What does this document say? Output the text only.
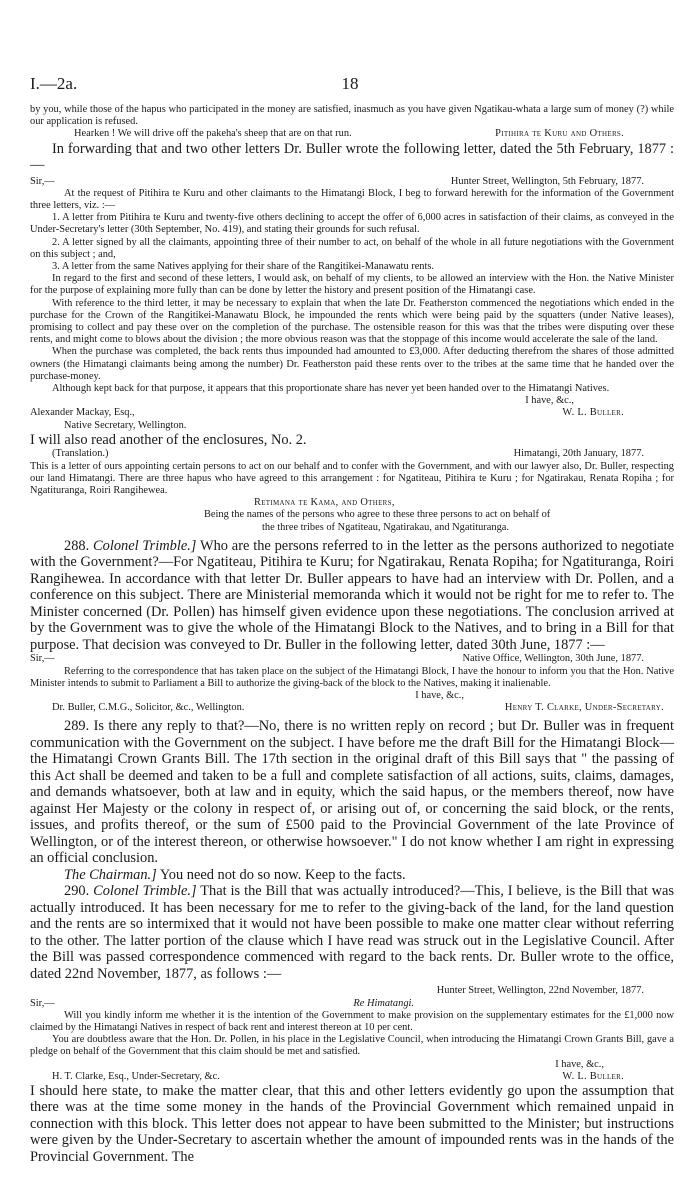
I.—2a.	18

by you, while those of the hapus who participated in the money are satisfied, inasmuch as you have given Ngatikau-whata a large sum of money (?) while our application is refused.

Hearken ! We will drive off the pakeha's sheep that are on that run.	Pitihira te Kuru and Others.

In forwarding that and two other letters Dr. Buller wrote the following letter, dated the 5th February, 1877 :—

Sir,—	Hunter Street, Wellington, 5th February, 1877.

At the request of Pitihira te Kuru and other claimants to the Himatangi Block, I beg to forward herewith for the information of the Government three letters, viz. :—

1. A letter from Pitihira te Kuru and twenty-five others declining to accept the offer of 6,000 acres in satisfaction of their claims, as conveyed in the Under-Secretary's letter (30th September, No. 419), and stating their grounds for such refusal.

2. A letter signed by all the claimants, appointing three of their number to act, on behalf of the whole in all future negotiations with the Government on this subject ; and,

3. A letter from the same Natives applying for their share of the Rangitikei-Manawatu rents.

In regard to the first and second of these letters, I would ask, on behalf of my clients, to be allowed an interview with the Hon. the Native Minister for the purpose of explaining more fully than can be done by letter the history and present position of the Himatangi case.

With reference to the third letter, it may be necessary to explain that when the late Dr. Featherston commenced the negotiations which ended in the purchase for the Crown of the Rangitikei-Manawatu Block, he impounded the rents which were being paid by the squatters (under Native leases), promising to collect and pay these over on the completion of the purchase. The ostensible reason for this was that the tribes were disputing over these rents, and might come to blows about the division ; the more obvious reason was that the stoppage of this income would accelerate the sale of the land.

When the purchase was completed, the back rents thus impounded had amounted to £3,000. After deducting therefrom the shares of those admitted owners (the Himatangi claimants being among the number) Dr. Featherston paid these rents over to the tribes at the same time that he handed over the purchase-money.

Although kept back for that purpose, it appears that this proportionate share has never yet been handed over to the Himatangi Natives.

I have, &c.,
Alexander Mackay, Esq.,	W. L. Buller.
Native Secretary, Wellington.

I will also read another of the enclosures, No. 2.

(Translation.)	Himatangi, 20th January, 1877.

This is a letter of ours appointing certain persons to act on our behalf and to confer with the Government, and with our lawyer also, Dr. Buller, respecting our land Himatangi. There are three hapus who have agreed to this arrangement : for Ngatiteau, Pitihira te Kuru ; for Ngatirakau, Renata Ropiha ; for Ngatituranga, Roiri Rangihewea.

Retimana te Kama, and Others,
Being the names of the persons who agree to these three persons to act on behalf of
the three tribes of Ngatiteau, Ngatirakau, and Ngatituranga.

288. Colonel Trimble.] Who are the persons referred to in the letter as the persons authorized to negotiate with the Government?—For Ngatiteau, Pitihira te Kuru; for Ngatirakau, Renata Ropiha; for Ngatituranga, Roiri Rangihewea. In accordance with that letter Dr. Buller appears to have had an interview with Dr. Pollen, and a conference on this subject. There are Ministerial memoranda which it would not be right for me to refer to. The Minister concerned (Dr. Pollen) has himself given evidence upon these negotiations. The conclusion arrived at by the Government was to give the whole of the Himatangi Block to the Natives, and to bring in a Bill for that purpose. That decision was conveyed to Dr. Buller in the following letter, dated 30th June, 1877 :—

Sir,—	Native Office, Wellington, 30th June, 1877.

Referring to the correspondence that has taken place on the subject of the Himatangi Block, I have the honour to inform you that the Hon. Native Minister intends to submit to Parliament a Bill to authorize the giving-back of the block to the Natives, making it inalienable.

I have, &c.,
Dr. Buller, C.M.G., Solicitor, &c., Wellington.	Henry T. Clarke, Under-Secretary.

289. Is there any reply to that?—No, there is no written reply on record ; but Dr. Buller was in frequent communication with the Government on the subject. I have before me the draft Bill for the Himatangi Block—the Himatangi Crown Grants Bill. The 17th section in the original draft of this Bill says that " the passing of this Act shall be deemed and taken to be a full and complete satisfaction of all actions, suits, claims, damages, and demands whatsoever, both at law and in equity, which the said hapus, or the members thereof, now have against Her Majesty or the colony in respect of, or arising out of, or concerning the said block, or the rents, issues, and profits thereof, or the sum of £500 paid to the Provincial Government of the late Province of Wellington, or of the interest thereon, or otherwise howsoever." I do not know whether I am right in expressing an official conclusion.

The Chairman.] You need not do so now. Keep to the facts.

290. Colonel Trimble.] That is the Bill that was actually introduced?—This, I believe, is the Bill that was actually introduced. It has been necessary for me to refer to the giving-back of the land, for the land question and the rents are so intermixed that it would not have been possible to make one matter clear without referring to the other. The latter portion of the clause which I have read was struck out in the Legislative Council. After the Bill was passed correspondence commenced with regard to the back rents. Dr. Buller wrote to the office, dated 22nd November, 1877, as follows :—

Hunter Street, Wellington, 22nd November, 1877.
Sir,—	Re Himatangi.

Will you kindly inform me whether it is the intention of the Government to make provision on the supplementary estimates for the £1,000 now claimed by the Himatangi Natives in respect of back rent and interest thereon at 10 per cent.

You are doubtless aware that the Hon. Dr. Pollen, in his place in the Legislative Council, when introducing the Himatangi Crown Grants Bill, gave a pledge on behalf of the Government that this claim should be met and satisfied.

I have, &c.,
H. T. Clarke, Esq., Under-Secretary, &c.	W. L. Buller.

I should here state, to make the matter clear, that this and other letters evidently go upon the assumption that there was at the time some money in the hands of the Provincial Government which remained unpaid in connection with this block. This letter does not appear to have been submitted to the Minister; but instructions were given by the Under-Secretary to ascertain whether the amount of impounded rents was in the hands of the Provincial Government. The
